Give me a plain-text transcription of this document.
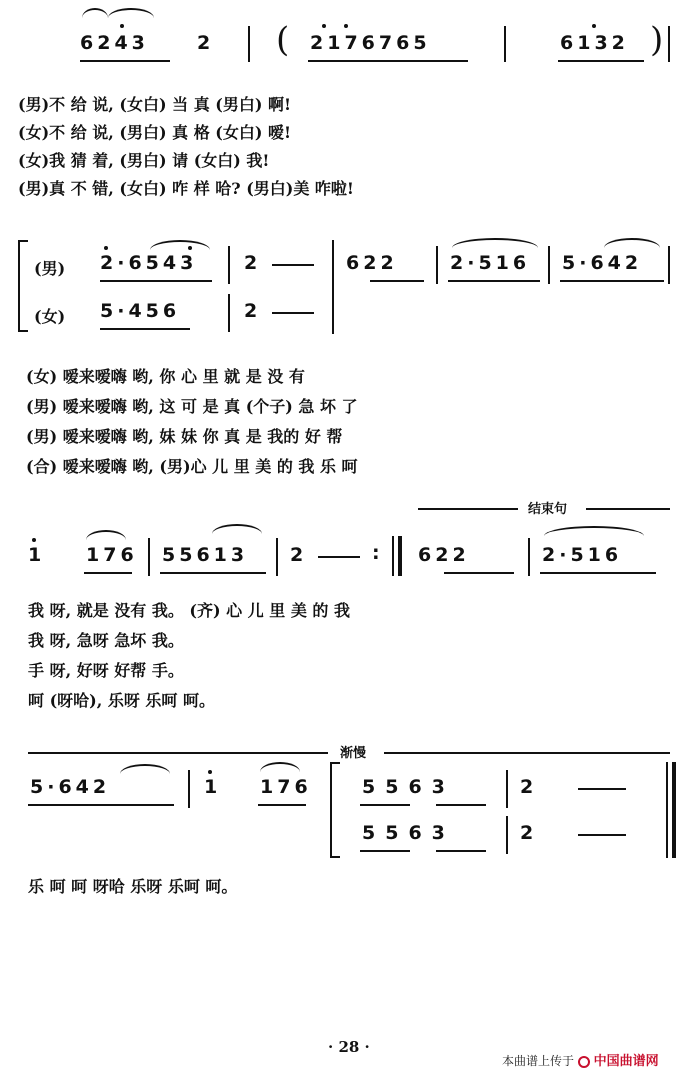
6243	2 ( 2176765	6132 )
(男)不 给 说, (女白) 当 真 (男白) 啊!
(女)不 给 说, (男白) 真 格 (女白) 嗳!
(女)我 猜 着, (男白) 请 (女白) 我!
(男)真 不 错, (女白) 咋 样 哈? (男白)美 咋啦!
(男) 2·6543 2	622	2·516 5·642
(女) 5·456	2
(女) 嗳来嗳嗨 哟, 你 心 里 就 是 没 有
(男) 嗳来嗳嗨 哟, 这 可 是 真 (个子) 急 坏 了
(男) 嗳来嗳嗨 哟, 妹 妹 你 真 是 我的 好 帮
(合) 嗳来嗳嗨 哟, (男)心 儿 里 美 的 我 乐 呵
结束句
1 176 55613 2	: 622	2·516
我 呀, 就是 没有 我。 (齐) 心 儿 里 美 的 我
我 呀, 急呀 急坏 我。
手 呀, 好呀 好帮 手。
呵 (呀哈), 乐呀 乐呵 呵。
渐慢
5·642	1 176	5563	2
5563	2
乐 呵 呵 呀哈 乐呀 乐呵 呵。
· 28 ·
本曲谱上传于 中国曲谱网
